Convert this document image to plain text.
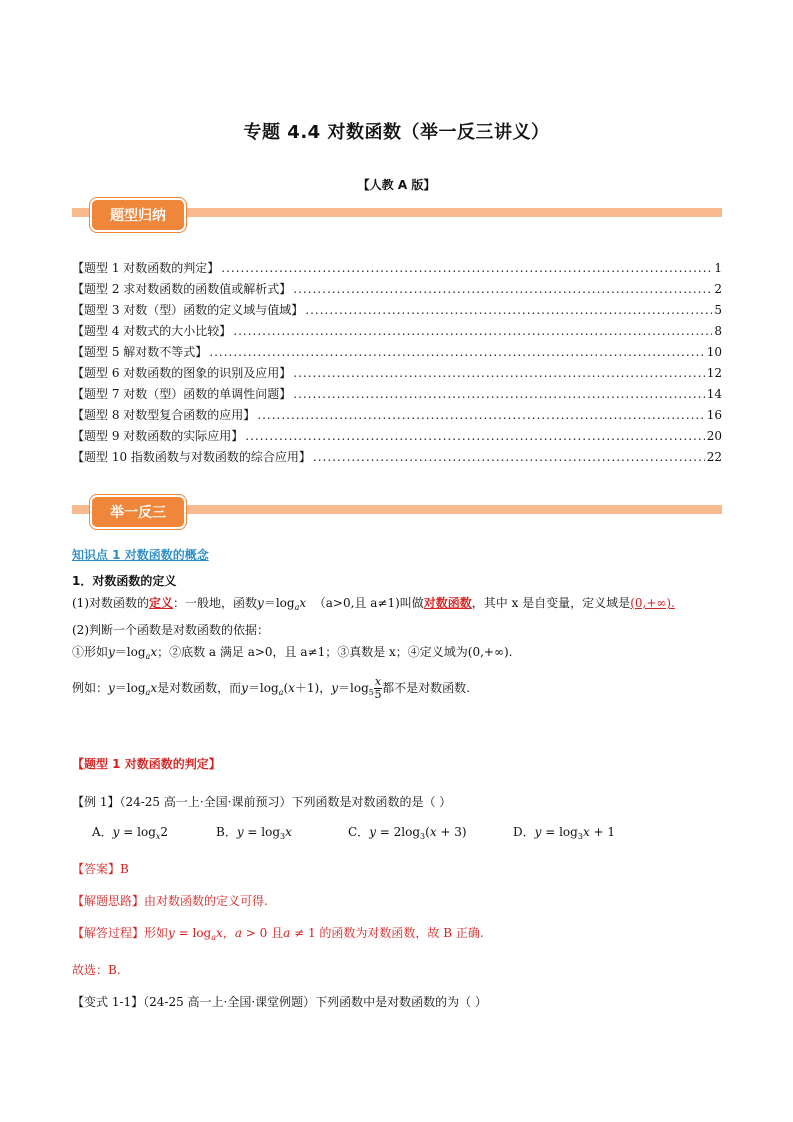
专题 4.4 对数函数（举一反三讲义）
【人教 A 版】
题型归纳
【题型 1 对数函数的判定】 .....	1
【题型 2 求对数函数的函数值或解析式】 .....	2
【题型 3 对数（型）函数的定义域与值域】 .....	5
【题型 4 对数式的大小比较】 .....	8
【题型 5 解对数不等式】 .....	10
【题型 6 对数函数的图象的识别及应用】 .....	12
【题型 7 对数（型）函数的单调性问题】 .....	14
【题型 8 对数型复合函数的应用】 .....	16
【题型 9 对数函数的实际应用】 .....	20
【题型 10 指数函数与对数函数的综合应用】 .....	22
举一反三
知识点 1 对数函数的概念
1．对数函数的定义
(1)对数函数的定义：一般地，函数$y=\log_ax$ （a>0,且 a≠1)叫做对数函数，其中 x 是自变量，定义域是(0,+∞).
(2)判断一个函数是对数函数的依据：
①形如$y=\log_ax$；②底数 a 满足 a>0，且 a≠1；③真数是 x；④定义域为(0,+∞).
例如：$y=\log_ax$是对数函数，而$y=\log_a(x+1)$，$y=\log_5 \frac{x}{5}$ 都不是对数函数.
【题型 1 对数函数的判定】
【例 1】（24-25 高一上·全国·课前预习）下列函数是对数函数的是（ ）
A．y = logx2	B．y = log3x	C．y = 2log3(x + 3)	D．y = log3x + 1
【答案】B
【解题思路】由对数函数的定义可得.
【解答过程】形如$y = \log_ax$，a > 0 且a ≠ 1 的函数为对数函数，故 B 正确.
故选：B.
【变式 1-1】（24-25 高一上·全国·课堂例题）下列函数中是对数函数的为（ ）
